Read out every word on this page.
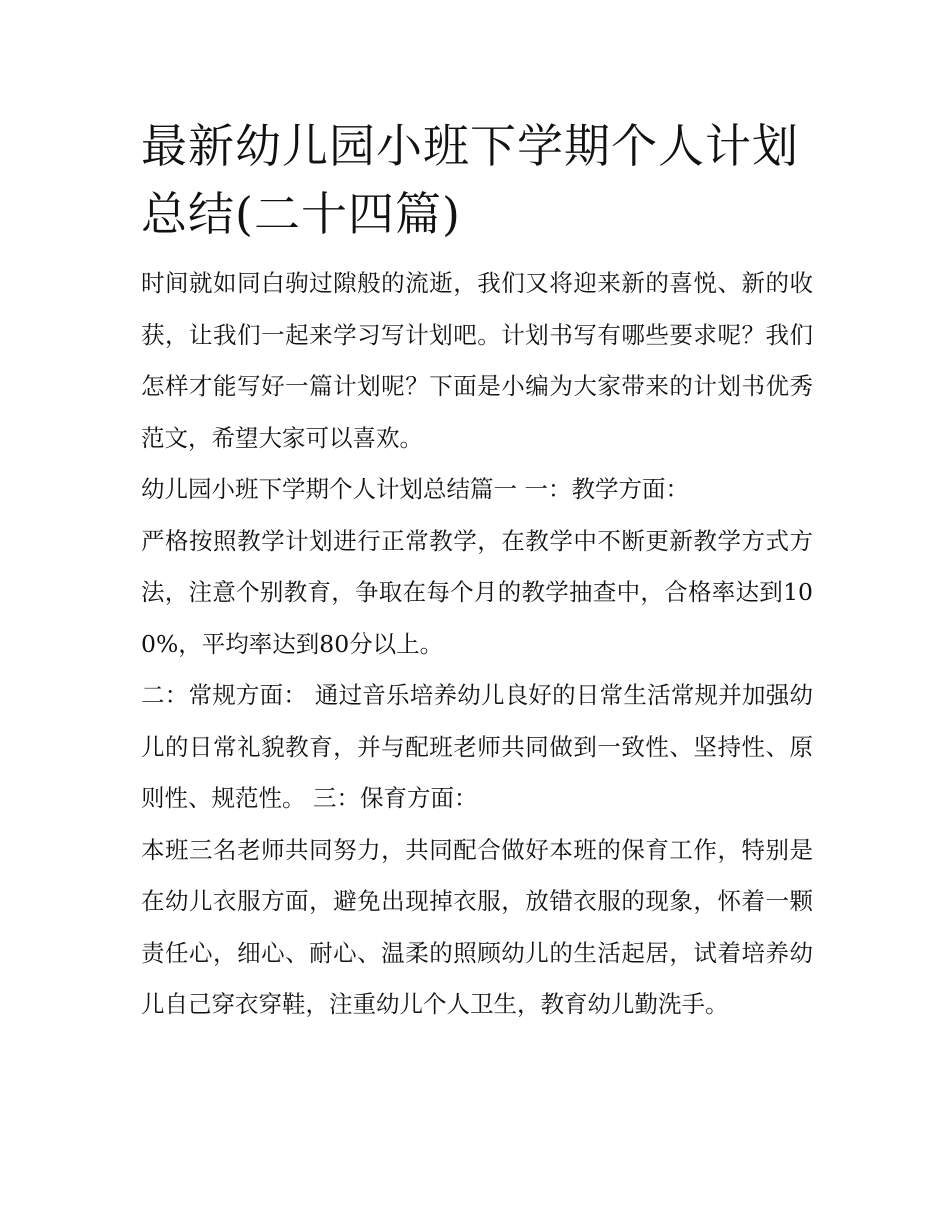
最新幼儿园小班下学期个人计划总结(二十四篇)

时间就如同白驹过隙般的流逝，我们又将迎来新的喜悦、新的收获，让我们一起来学习写计划吧。计划书写有哪些要求呢？我们怎样才能写好一篇计划呢？下面是小编为大家带来的计划书优秀范文，希望大家可以喜欢。

幼儿园小班下学期个人计划总结篇一 一：教学方面：

严格按照教学计划进行正常教学，在教学中不断更新教学方式方法，注意个别教育，争取在每个月的教学抽查中，合格率达到100%，平均率达到80分以上。

二：常规方面： 通过音乐培养幼儿良好的日常生活常规并加强幼儿的日常礼貌教育，并与配班老师共同做到一致性、坚持性、原则性、规范性。 三：保育方面：

本班三名老师共同努力，共同配合做好本班的保育工作，特别是在幼儿衣服方面，避免出现掉衣服，放错衣服的现象，怀着一颗责任心，细心、耐心、温柔的照顾幼儿的生活起居，试着培养幼儿自己穿衣穿鞋，注重幼儿个人卫生，教育幼儿勤洗手。
